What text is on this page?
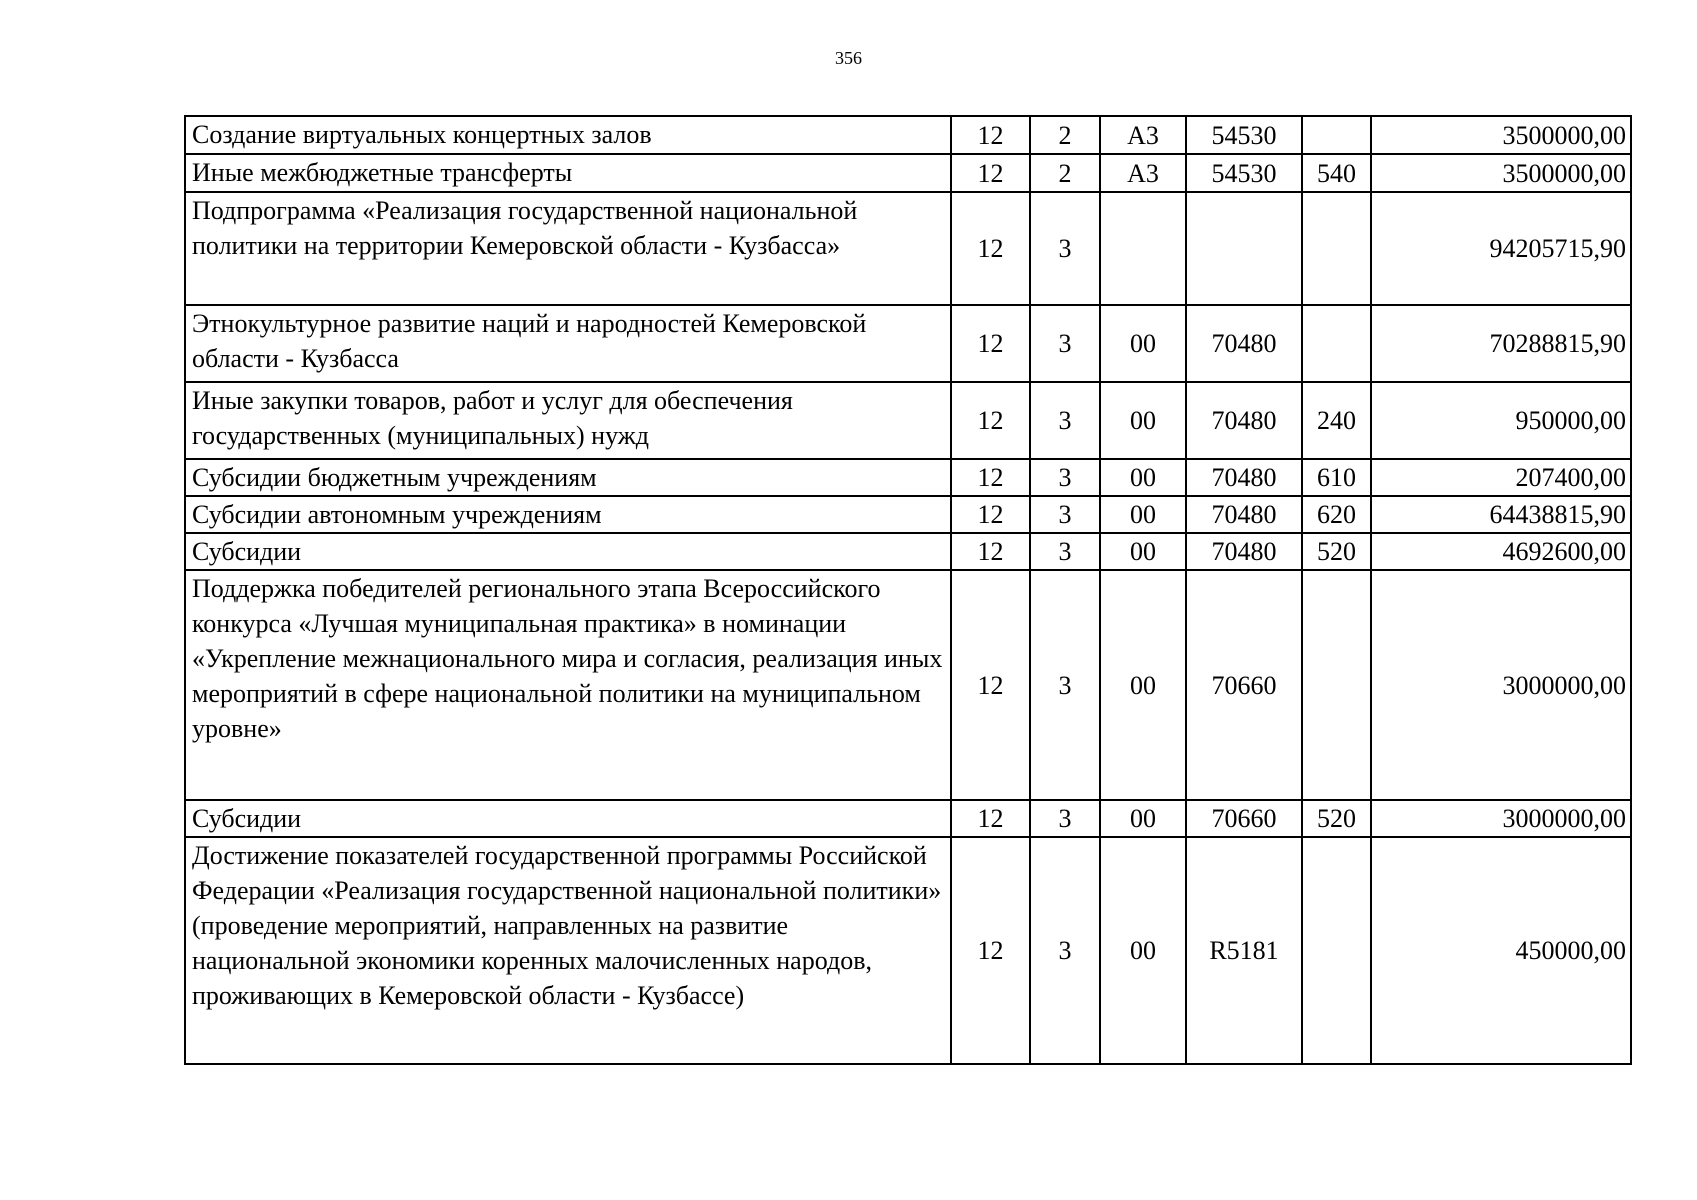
356
Создание виртуальных концертных залов	12	2	А3	54530		3500000,00
Иные межбюджетные трансферты	12	2	А3	54530	540	3500000,00
Подпрограмма «Реализация государственной национальной политики на территории Кемеровской области - Кузбасса»	12	3				94205715,90
Этнокультурное развитие наций и народностей Кемеровской области - Кузбасса	12	3	00	70480		70288815,90
Иные закупки товаров, работ и услуг для обеспечения государственных (муниципальных) нужд	12	3	00	70480	240	950000,00
Субсидии бюджетным учреждениям	12	3	00	70480	610	207400,00
Субсидии автономным учреждениям	12	3	00	70480	620	64438815,90
Субсидии	12	3	00	70480	520	4692600,00
Поддержка победителей регионального этапа Всероссийского конкурса «Лучшая муниципальная практика» в номинации «Укрепление межнационального мира и согласия, реализация иных мероприятий в сфере национальной политики на муниципальном уровне»	12	3	00	70660		3000000,00
Субсидии	12	3	00	70660	520	3000000,00
Достижение показателей государственной программы Российской Федерации «Реализация государственной национальной политики» (проведение мероприятий, направленных на развитие национальной экономики коренных малочисленных народов, проживающих в Кемеровской области - Кузбассе)	12	3	00	R5181		450000,00
